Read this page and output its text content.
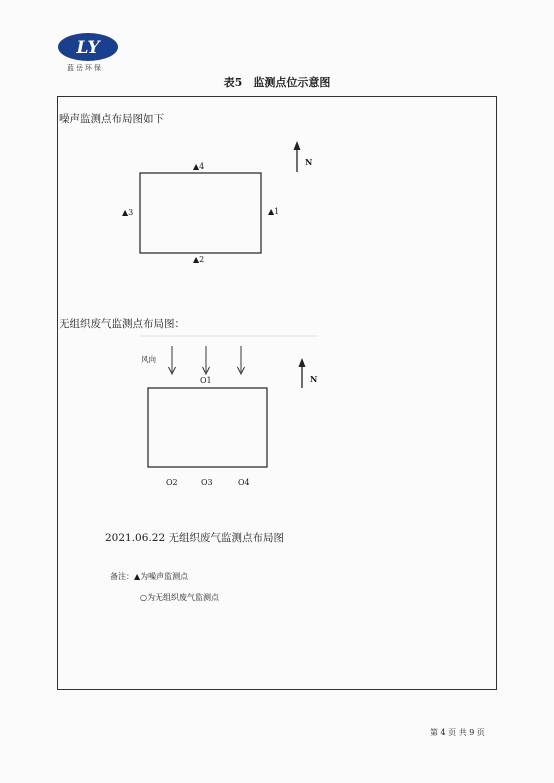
LY
蓝岳环保
表5　监测点位示意图
噪声监测点布局图如下
▲4
▲1
▲3
▲2
N
无组织废气监测点布局图：
风向
O1	N
O2	O3	O4
2021.06.22 无组织废气监测点布局图
备注：▲为噪声监测点
○为无组织废气监测点
第 4 页 共 9 页
